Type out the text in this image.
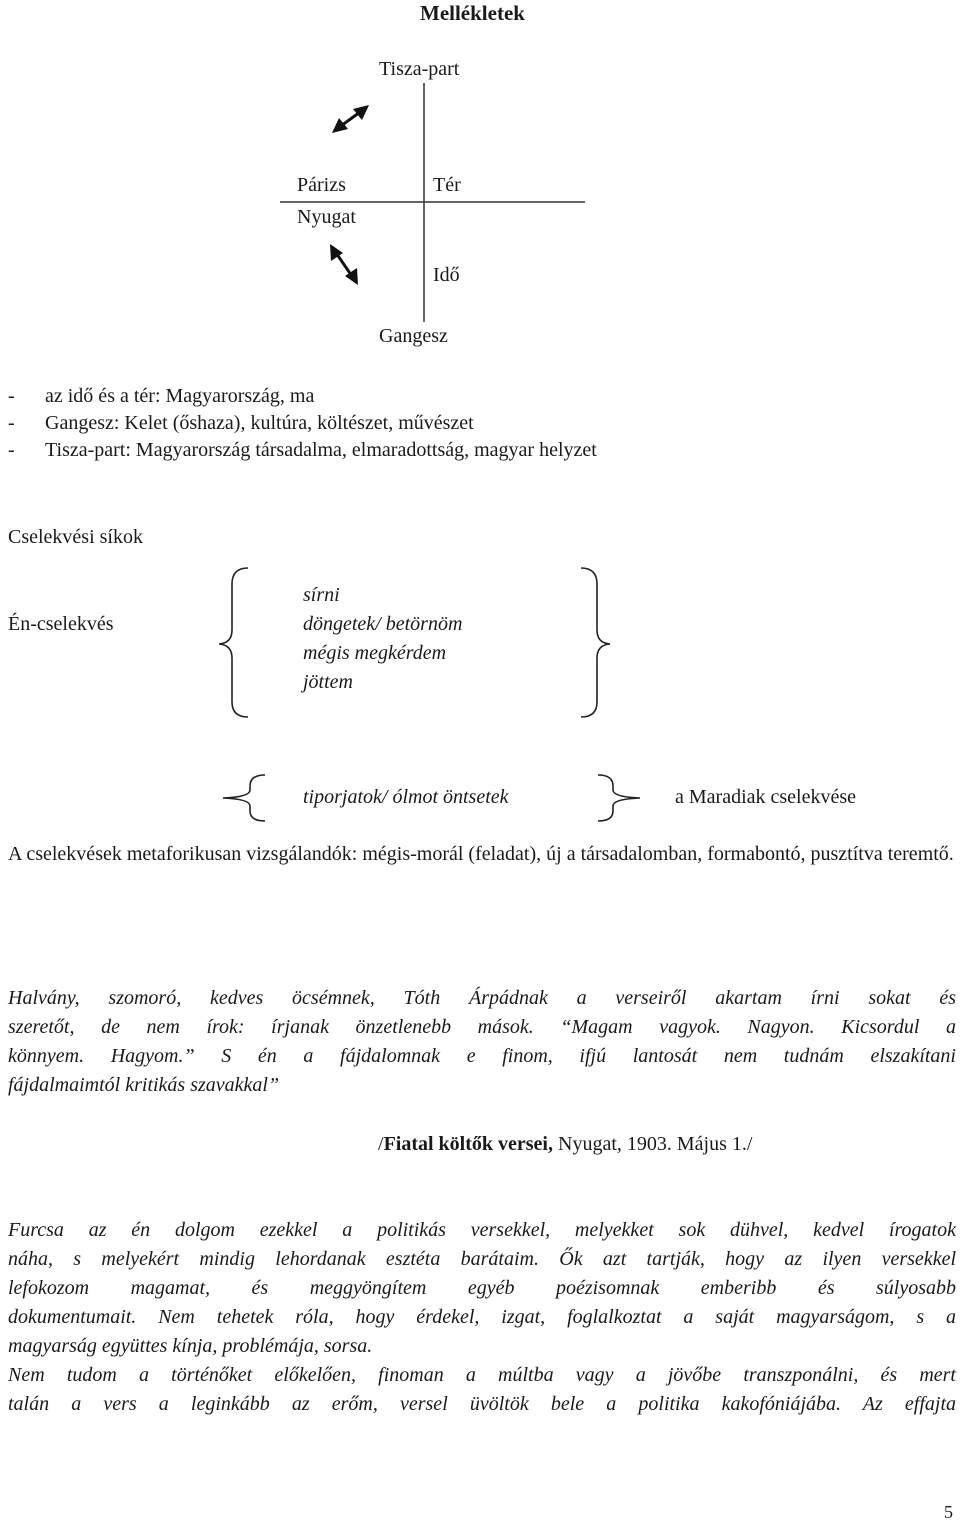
Mellékletek
Tisza-part
Párizs
Nyugat
Tér
Idő
Gangesz
- az idő és a tér: Magyarország, ma
- Gangesz: Kelet (őshaza), kultúra, költészet, művészet
- Tisza-part: Magyarország társadalma, elmaradottság, magyar helyzet
Cselekvési síkok
Én-cselekvés
sírni
döngetek/ betörnöm
mégis megkérdem
jöttem
tiporjatok/ ólmot öntsetek	a Maradiak cselekvése
A cselekvések metaforikusan vizsgálandók: mégis-morál (feladat), új a társadalomban, formabontó, pusztítva teremtő.
Halvány, szomoró, kedves öcsémnek, Tóth Árpádnak a verseiről akartam írni sokat és
szeretőt, de nem írok: írjanak önzetlenebb mások. “Magam vagyok. Nagyon. Kicsordul a
könnyem. Hagyom.” S én a fájdalomnak e finom, ifjú lantosát nem tudnám elszakítani
fájdalmaimtól kritikás szavakkal”
/Fiatal költők versei, Nyugat, 1903. Május 1./
Furcsa az én dolgom ezekkel a politikás versekkel, melyekket sok dühvel, kedvel írogatok
náha, s melyekért mindig lehordanak esztéta barátaim. Ők azt tartják, hogy az ilyen versekkel
lefokozom magamat, és meggyöngítem egyéb poézisomnak emberibb és súlyosabb
dokumentumait. Nem tehetek róla, hogy érdekel, izgat, foglalkoztat a saját magyarságom, s a
magyarság együttes kínja, problémája, sorsa.
Nem tudom a történőket előkelően, finoman a múltba vagy a jövőbe transzponálni, és mert
talán a vers a leginkább az erőm, versel üvöltök bele a politika kakofóniájába. Az effajta
5
